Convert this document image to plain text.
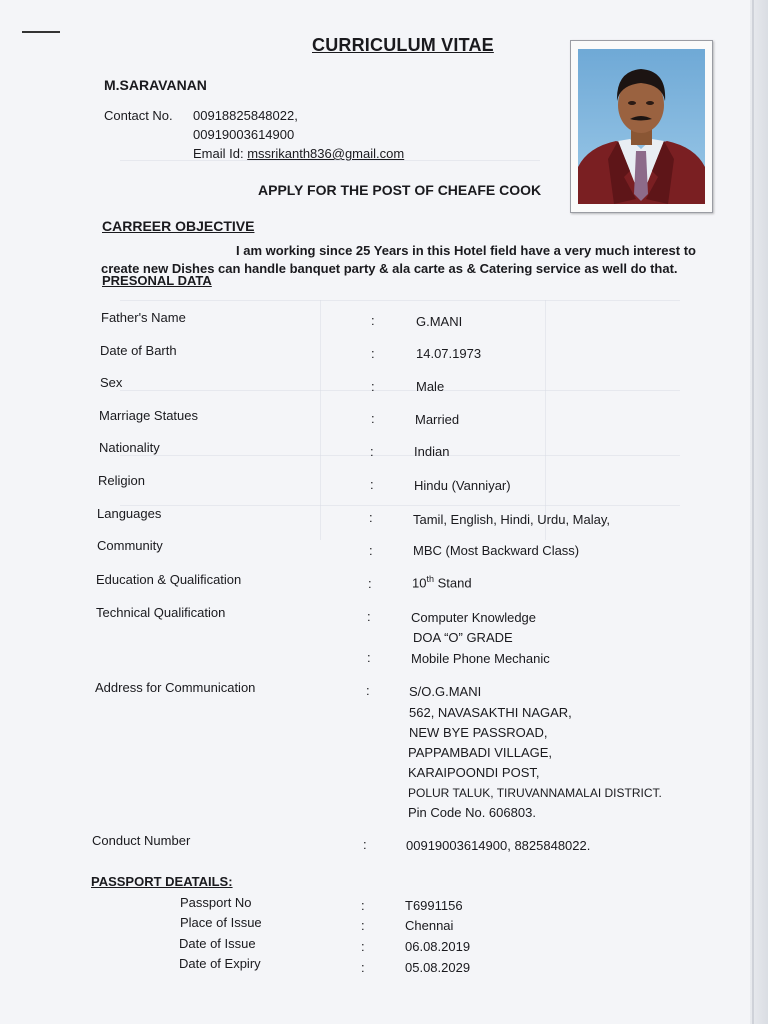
CURRICULUM VITAE
M.SARAVANAN
Contact No. 00918825848022,
00919003614900
Email Id: mssrikanth836@gmail.com
APPLY FOR THE POST OF CHEAFE COOK
CARREER OBJECTIVE
I am working since 25 Years in this Hotel field have a very much interest to
create new Dishes can handle banquet party & ala carte as & Catering service as well do that.
PRESONAL DATA
Father's Name	:	G.MANI
Date of Barth	:	14.07.1973
Sex	:	Male
Marriage Statues	:	Married
Nationality	:	Indian
Religion	:	Hindu (Vanniyar)
Languages	:	Tamil, English, Hindi, Urdu, Malay,
Community	:	MBC (Most Backward Class)
Education & Qualification	:	10th Stand
Technical Qualification	:	Computer Knowledge
DOA “O” GRADE
:	Mobile Phone Mechanic
Address for Communication	:	S/O.G.MANI
562, NAVASAKTHI NAGAR,
NEW BYE PASSROAD,
PAPPAMBADI VILLAGE,
KARAIPOONDI POST,
POLUR TALUK, TIRUVANNAMALAI DISTRICT.
Pin Code No. 606803.
Conduct Number	:	00919003614900, 8825848022.
PASSPORT DEATAILS:
Passport No	:	T6991156
Place of Issue	:	Chennai
Date of Issue	:	06.08.2019
Date of Expiry	:	05.08.2029
